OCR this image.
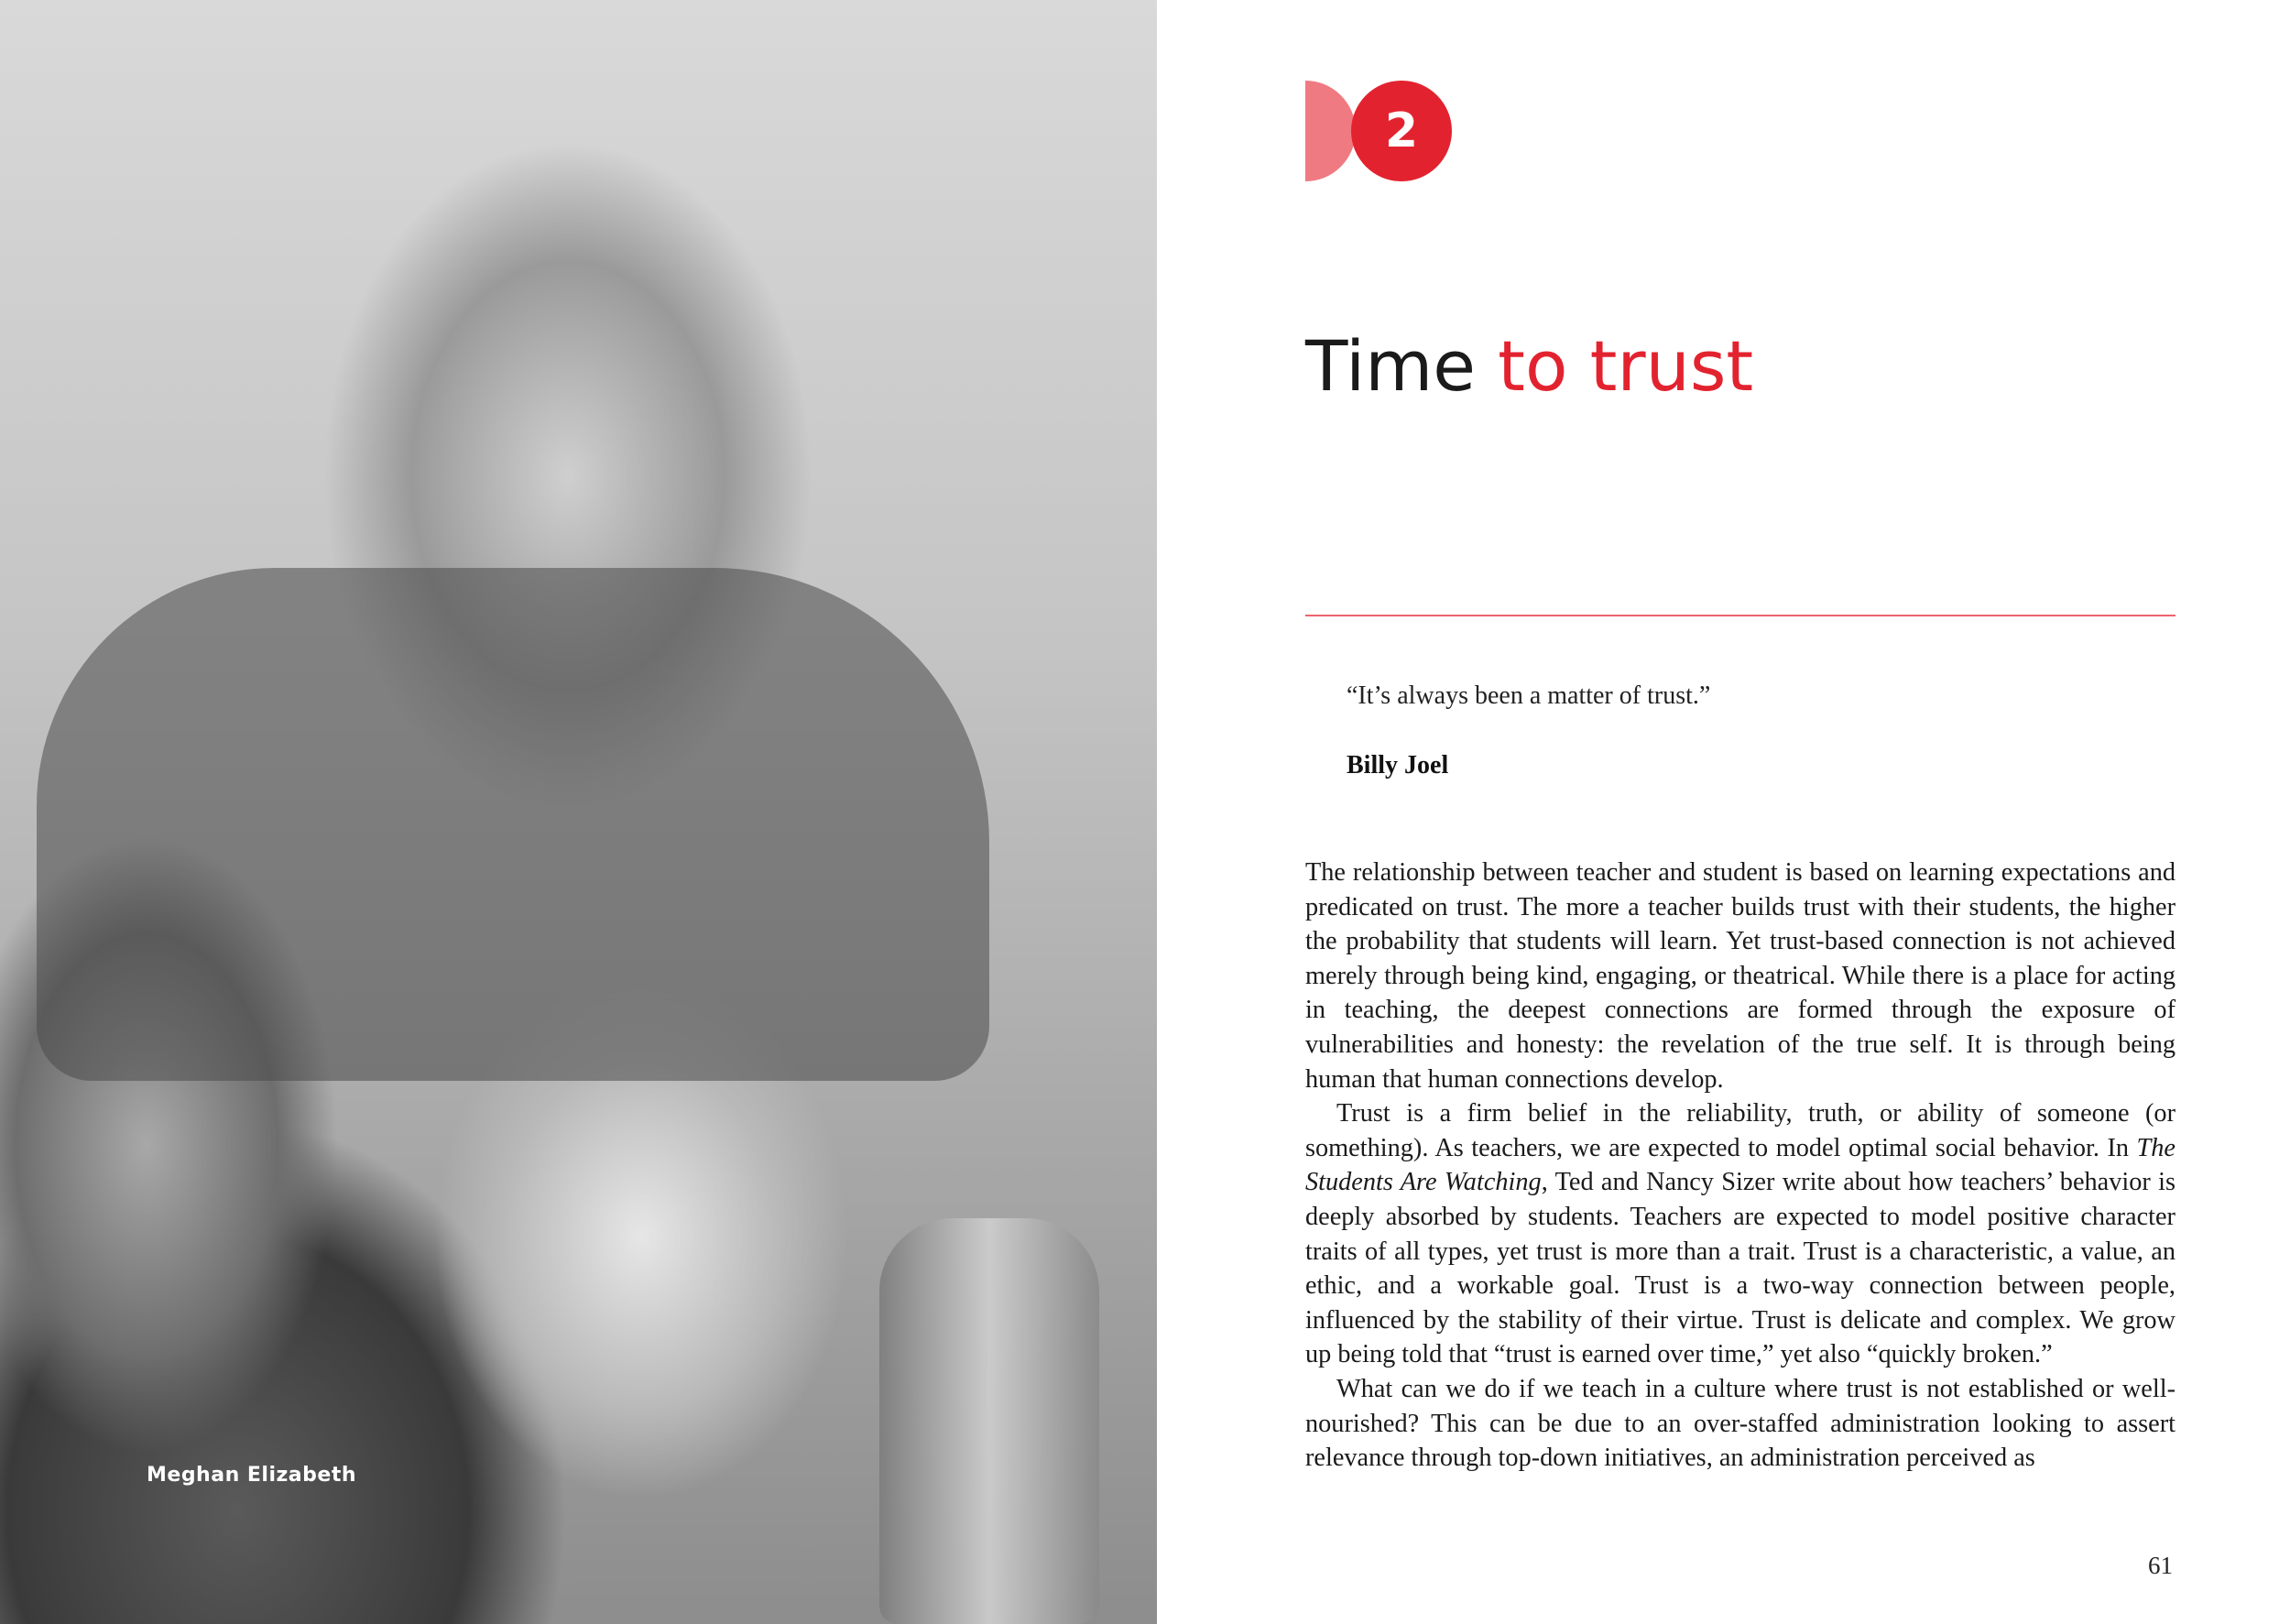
Meghan Elizabeth
2
Time to trust
“It’s always been a matter of trust.”
Billy Joel

The relationship between teacher and student is based on learning expectations and predicated on trust. The more a teacher builds trust with their students, the higher the probability that students will learn. Yet trust-based connection is not achieved merely through being kind, engaging, or theatrical. While there is a place for acting in teaching, the deepest connections are formed through the exposure of vulnerabilities and honesty: the revelation of the true self. It is through being human that human connections develop.

Trust is a firm belief in the reliability, truth, or ability of someone (or something). As teachers, we are expected to model optimal social behavior. In The Students Are Watching, Ted and Nancy Sizer write about how teachers’ behavior is deeply absorbed by students. Teachers are expected to model positive character traits of all types, yet trust is more than a trait. Trust is a characteristic, a value, an ethic, and a workable goal. Trust is a two-way connection between people, influenced by the stability of their virtue. Trust is delicate and complex. We grow up being told that “trust is earned over time,” yet also “quickly broken.”

What can we do if we teach in a culture where trust is not established or well-nourished? This can be due to an over-staffed administration looking to assert relevance through top-down initiatives, an administration perceived as

61
